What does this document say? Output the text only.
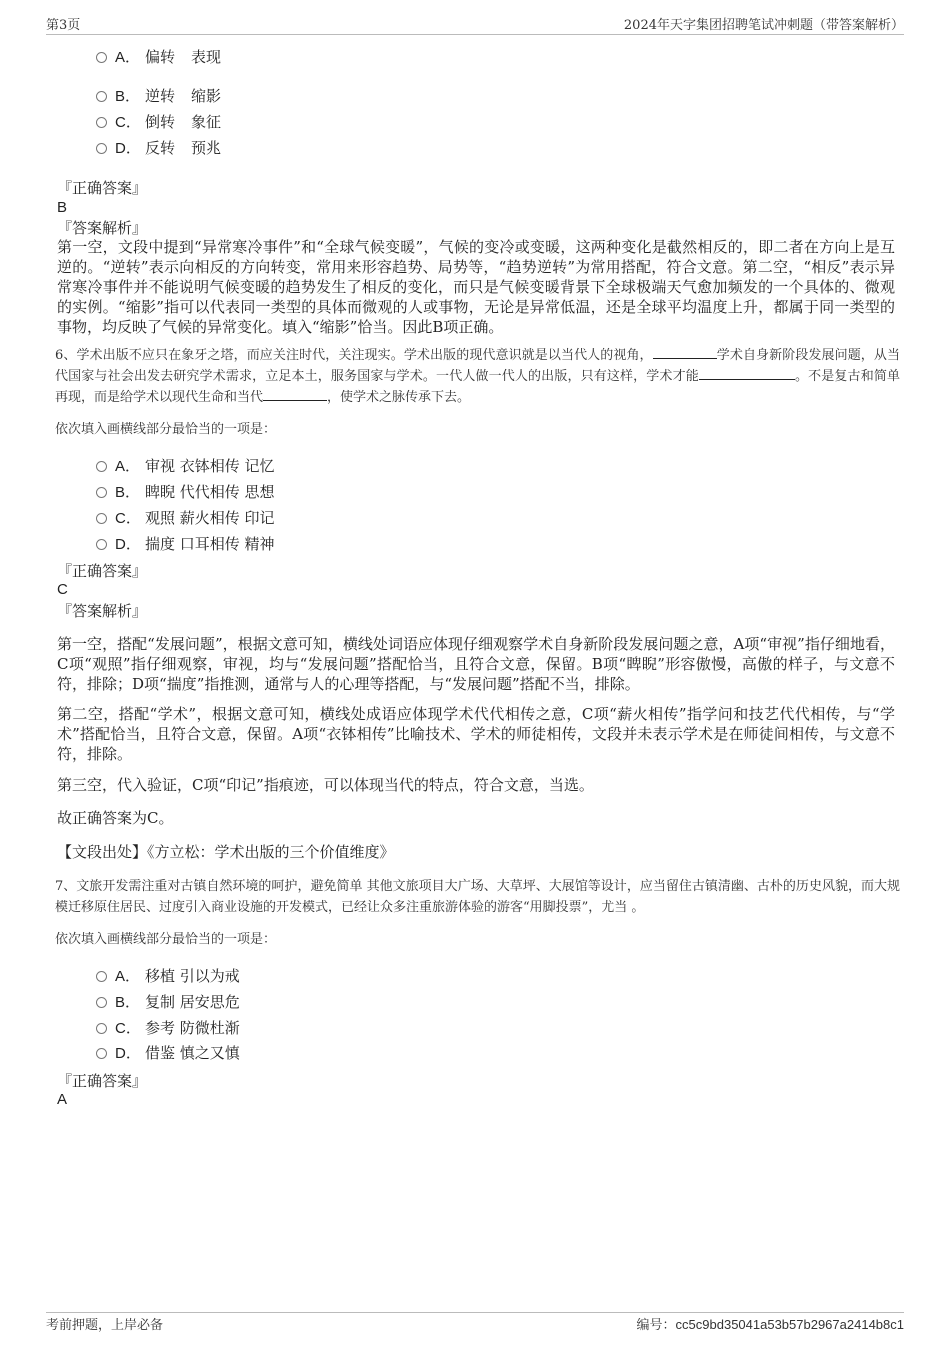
第3页	2024年天字集团招聘笔试冲刺题（带答案解析）
A． 偏转 表现
B． 逆转 缩影
C． 倒转 象征
D． 反转 预兆
『正确答案』
B
『答案解析』
第一空，文段中提到“异常寒冷事件”和“全球气候变暖”，气候的变冷或变暖，这两种变化是截然相反的，即二者在方向上是互逆的。“逆转”表示向相反的方向转变，常用来形容趋势、局势等，“趋势逆转”为常用搭配，符合文意。第二空，“相反”表示异常寒冷事件并不能说明气候变暖的趋势发生了相反的变化，而只是气候变暖背景下全球极端天气愈加频发的一个具体的、微观的实例。“缩影”指可以代表同一类型的具体而微观的人或事物，无论是异常低温，还是全球平均温度上升，都属于同一类型的事物，均反映了气候的异常变化。填入“缩影”恰当。因此B项正确。
6、学术出版不应只在象牙之塔，而应关注时代，关注现实。学术出版的现代意识就是以当代人的视角，	学术自身新阶段发展问题，从当代国家与社会出发去研究学术需求，立足本土，服务国家与学术。一代人做一代人的出版，只有这样，学术才能	。不是复古和简单再现，而是给学术以现代生命和当代	，使学术之脉传承下去。
依次填入画横线部分最恰当的一项是：
A． 审视 衣钵相传 记忆
B． 睥睨 代代相传 思想
C． 观照 薪火相传 印记
D． 揣度 口耳相传 精神
『正确答案』
C
『答案解析』
第一空，搭配“发展问题”，根据文意可知，横线处词语应体现仔细观察学术自身新阶段发展问题之意，A项“审视”指仔细地看，C项“观照”指仔细观察，审视，均与“发展问题”搭配恰当，且符合文意，保留。B项“睥睨”形容傲慢，高傲的样子，与文意不符，排除；D项“揣度”指推测，通常与人的心理等搭配，与“发展问题”搭配不当，排除。
第二空，搭配“学术”，根据文意可知，横线处成语应体现学术代代相传之意，C项“薪火相传”指学问和技艺代代相传，与“学术”搭配恰当，且符合文意，保留。A项“衣钵相传”比喻技术、学术的师徒相传，文段并未表示学术是在师徒间相传，与文意不符，排除。
第三空，代入验证，C项“印记”指痕迹，可以体现当代的特点，符合文意，当选。
故正确答案为C。
【文段出处】《方立松：学术出版的三个价值维度》
7、文旅开发需注重对古镇自然环境的呵护，避免简单 其他文旅项目大广场、大草坪、大展馆等设计，应当留住古镇清幽、古朴的历史风貌，而大规模迁移原住居民、过度引入商业设施的开发模式，已经让众多注重旅游体验的游客“用脚投票”，尤当 。
依次填入画横线部分最恰当的一项是：
A． 移植 引以为戒
B． 复制 居安思危
C． 参考 防微杜渐
D． 借鉴 慎之又慎
『正确答案』
A
考前押题，上岸必备	编号：cc5c9bd35041a53b57b2967a2414b8c1
